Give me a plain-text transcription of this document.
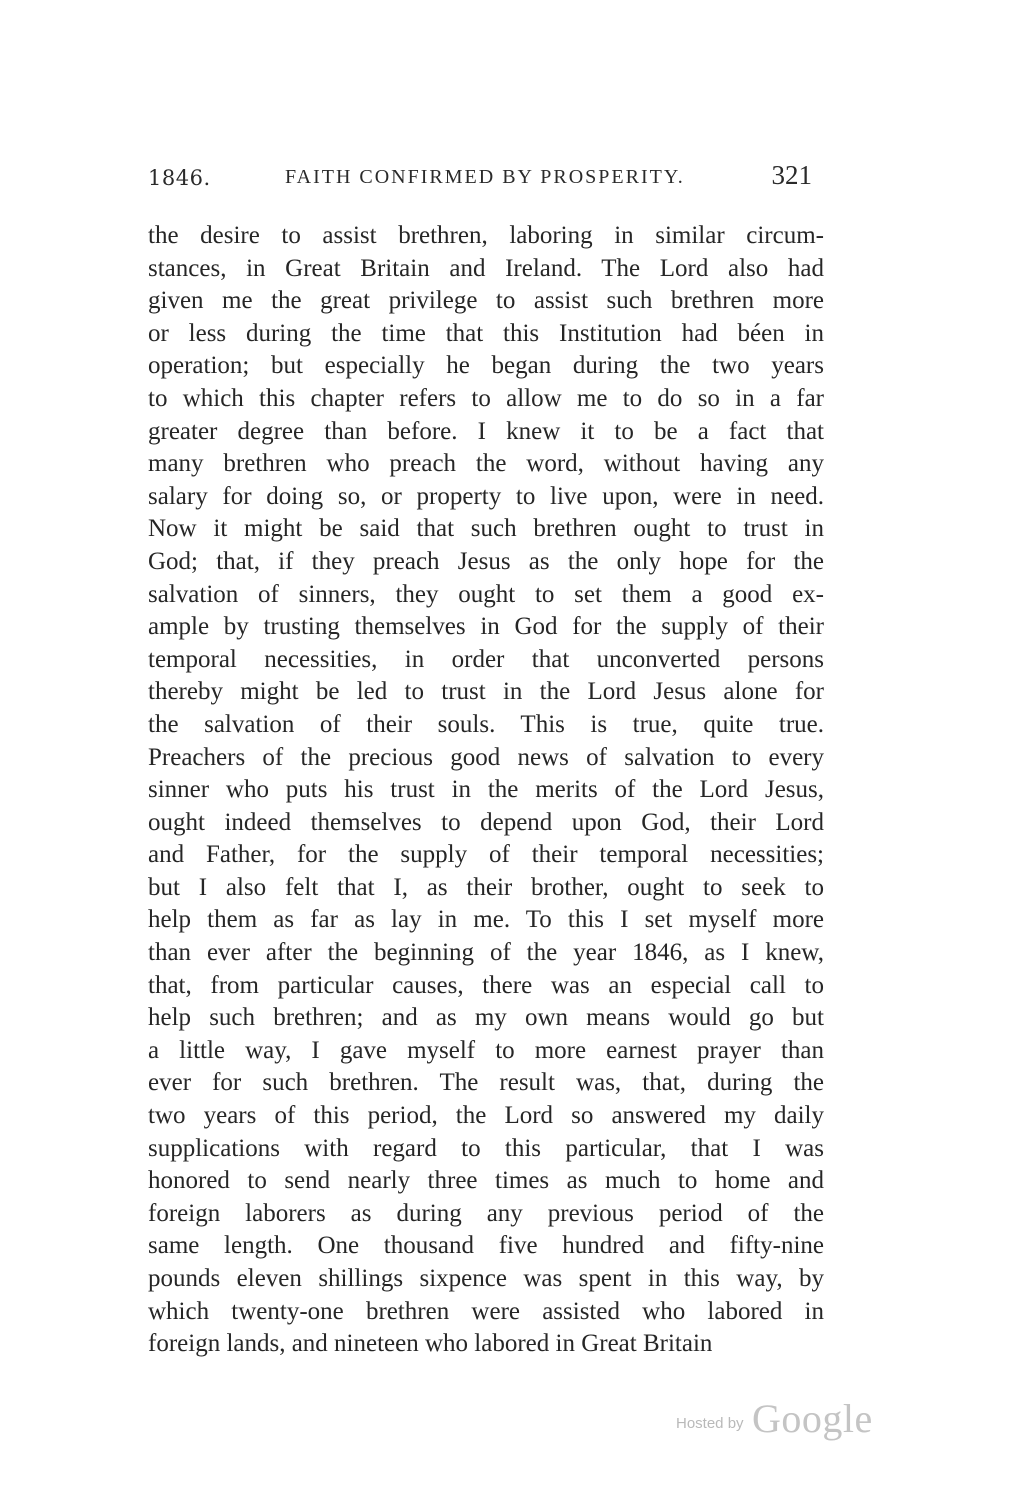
1846.	FAITH CONFIRMED BY PROSPERITY.	321
the desire to assist brethren, laboring in similar circum-
stances, in Great Britain and Ireland. The Lord also had
given me the great privilege to assist such brethren more
or less during the time that this Institution had béen in
operation; but especially he began during the two years
to which this chapter refers to allow me to do so in a far
greater degree than before. I knew it to be a fact that
many brethren who preach the word, without having any
salary for doing so, or property to live upon, were in need.
Now it might be said that such brethren ought to trust in
God; that, if they preach Jesus as the only hope for the
salvation of sinners, they ought to set them a good ex-
ample by trusting themselves in God for the supply of their
temporal necessities, in order that unconverted persons
thereby might be led to trust in the Lord Jesus alone for
the salvation of their souls. This is true, quite true.
Preachers of the precious good news of salvation to every
sinner who puts his trust in the merits of the Lord Jesus,
ought indeed themselves to depend upon God, their Lord
and Father, for the supply of their temporal necessities;
but I also felt that I, as their brother, ought to seek to
help them as far as lay in me. To this I set myself more
than ever after the beginning of the year 1846, as I knew,
that, from particular causes, there was an especial call to
help such brethren; and as my own means would go but
a little way, I gave myself to more earnest prayer than
ever for such brethren. The result was, that, during the
two years of this period, the Lord so answered my daily
supplications with regard to this particular, that I was
honored to send nearly three times as much to home and
foreign laborers as during any previous period of the
same length. One thousand five hundred and fifty-nine
pounds eleven shillings sixpence was spent in this way, by
which twenty-one brethren were assisted who labored in
foreign lands, and nineteen who labored in Great Britain
Hosted by Google
